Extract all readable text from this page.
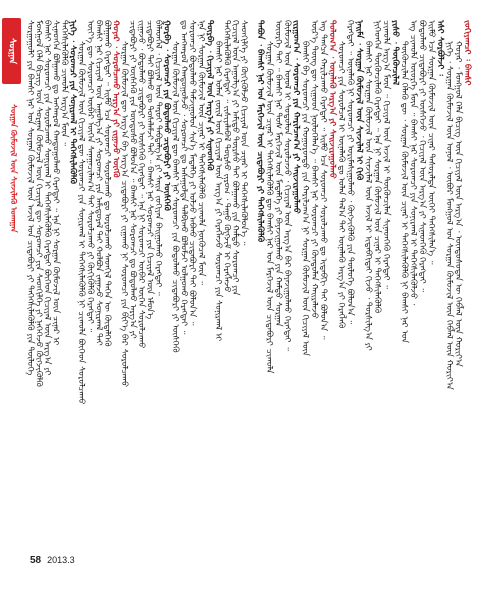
ᠰᠤᠷᠭᠠᠨ
ᠰᠤᠷᠭᠠᠨ ᠬᠦᠮᠦᠵᠢᠯ ᠦᠨ ᠰᠢᠨᠵᠢᠯᠡᠬᠦ ᠤᠬᠠᠭᠠᠨ ᠰᠤᠷᠭᠠᠭᠤᠯᠢ ᠶᠢᠨ ᠪᠠᠭᠰᠢ ᠨᠠᠷ ᠤᠨ ᠰᠤᠷᠭᠠᠨ ᠬᠦᠮᠦᠵᠢᠯ ᠦᠨ ᠠᠵᠢᠯ ᠤᠨ ᠴᠢᠳᠠᠪᠤᠷᠢ ᠶᠢ ᠳᠡᠭᠡᠭᠰᠢᠯᠡᠭᠦᠯᠬᠦ ᠶᠢᠨ ᠲᠥᠯᠦᠭᠡ
ᠮᠣᠩᠭᠣᠯ ᠬᠡᠯᠡ ᠪᠢᠴᠢᠭ ᠦᠨ ᠰᠤᠷᠭᠠᠨ ᠬᠦᠮᠦᠵᠢᠯ ᠦᠨ ᠬᠢᠴᠢᠶᠡᠯ ᠳᠦ ᠰᠤᠷᠤᠭᠴᠢ ᠶᠢᠨ ᠰᠡᠳᠬᠢᠯᠭᠡ ᠶᠢ ᠨᠡᠭᠡᠭᠡᠵᠦ ᠬᠥᠭᠵᠢᠭᠦᠯᠬᠦ
ᠪᠠᠭᠰᠢ ᠨᠠᠷ ᠰᠤᠷᠤᠭᠴᠢ ᠶᠢᠨ ᠰᠤᠷᠤᠯᠴᠠᠬᠤ ᠰᠣᠨᠢᠷᠬᠠᠯ ᠢ ᠳᠡᠭᠡᠭᠰᠢᠯᠡᠭᠦᠯᠬᠦ ᠬᠡᠷᠡᠭᠲᠡᠢ ᠪᠥᠭᠡᠳ ᠬᠢᠴᠢᠶᠡᠯ ᠦᠨ ᠠᠷᠭ᠎ᠠ ᠶᠢ
ᠰᠢᠨᠡᠳᠭᠡᠨ ᠪᠣᠯᠭᠠᠬᠤ ᠳᠤ ᠠᠨᠭᠬᠠᠷᠤᠯ ᠬᠠᠨᠳᠤᠭᠤᠯᠬᠤ ᠬᠡᠷᠡᠭᠲᠡᠢ ᠃ ᠡᠨᠡ ᠨᠢ ᠰᠤᠷᠭᠠᠨ ᠬᠦᠮᠦᠵᠢᠯ ᠦᠨ ᠴᠢᠨᠠᠷ ᠢ
ᠳᠡᠭᠡᠭᠰᠢᠯᠡᠭᠦᠯᠬᠦ ᠴᠢᠬᠤᠯᠠ ᠠᠷᠭ᠎ᠠ ᠮᠥᠨ ᠃
ᠨᠢᠭᠡ ᠂ ᠰᠤᠷᠤᠭᠴᠢ ᠶᠢᠨ ᠰᠣᠨᠢᠷᠬᠠᠯ ᠢ ᠳᠡᠭᠡᠭᠰᠢᠯᠡᠭᠦᠯᠬᠦ
ᠰᠤᠷᠭᠠᠨ ᠬᠦᠮᠦᠵᠢᠯ ᠦᠨ ᠬᠢᠴᠢᠶᠡᠯ ᠳᠦ ᠰᠤᠷᠤᠭᠴᠢ ᠶᠢᠨ ᠰᠣᠨᠢᠷᠬᠠᠯ ᠢ ᠳᠡᠭᠡᠭᠰᠢᠯᠡᠭᠦᠯᠬᠦ ᠨᠢ ᠴᠢᠬᠤᠯᠠ ᠪᠥᠭᠡᠳ ᠰᠤᠷᠤᠯᠴᠠᠬᠤ
ᠦᠶ᠎ᠡ ᠳᠦ ᠰᠤᠷᠤᠭᠴᠢ ᠥᠪᠡᠷ ᠦᠭᠡᠨ ᠰᠠᠨᠠᠭᠠᠴᠢᠯᠠᠭ᠎ᠠ ᠲᠠᠢ ᠰᠤᠷᠤᠯᠴᠠᠬᠤ ᠶᠢ ᠬᠥᠬᠢᠭᠦᠯᠬᠦ ᠬᠡᠷᠡᠭᠲᠡᠢ ᠃
ᠪᠠᠭᠰᠢ ᠨᠠᠷ ᠬᠢᠴᠢᠶᠡᠯ ᠦᠨ ᠠᠭᠤᠯᠭ᠎ᠠ ᠶᠢ ᠰᠤᠷᠤᠭᠴᠢ ᠶᠢᠨ ᠠᠮᠢᠳᠤᠷᠠᠯ ᠲᠠᠢ ᠬᠣᠯᠪᠣᠨ ᠵᠠᠭᠠᠵᠤ ᠰᠣᠨᠢᠷᠬᠠᠯ ᠲᠠᠢ
ᠪᠣᠯᠭᠠᠬᠤ ᠬᠡᠷᠡᠭᠲᠡᠢ ᠃ ᠡᠢᠮᠤ ᠡᠴᠡ ᠰᠤᠷᠤᠭᠴᠢ ᠰᠤᠷᠤᠯᠴᠠᠬᠤ ᠳᠤ ᠣᠷᠣᠯᠴᠠᠬᠤ ᠰᠡᠳᠬᠢᠯ ᠲᠡᠭᠡᠨ ᠦ ᠬᠥᠳᠡᠯᠭᠡᠬᠦ
ᠬᠣᠶᠠᠷ ᠂ ᠰᠤᠷᠤᠯᠴᠠᠬᠤ ᠠᠷᠭ᠎ᠠ ᠶᠢ ᠵᠢᠭᠠᠵᠤ ᠥᠭᠬᠦ
ᠰᠤᠷᠭᠠᠨ ᠬᠦᠮᠦᠵᠢᠯ ᠳᠦ ᠠᠷᠭ᠎ᠠ ᠪᠠ ᠠᠷᠭ᠎ᠠ ᠴᠢᠳᠠᠪᠤᠷᠢ ᠶᠢ ᠵᠢᠭᠠᠬᠤ ᠨᠢ ᠰᠤᠷᠤᠭᠴᠢ ᠶᠢᠨ ᠪᠢᠶ᠎ᠡ ᠪᠡᠷ ᠰᠤᠷᠤᠯᠴᠠᠬᠤ
ᠴᠢᠳᠠᠪᠤᠷᠢ ᠶᠢ ᠥᠰᠬᠡᠬᠦ ᠶᠢᠨ ᠦᠨᠳᠦᠰᠦ ᠪᠣᠯᠤᠨ᠎ᠠ ᠃ ᠪᠠᠭᠰᠢ ᠨᠠᠷ ᠰᠤᠷᠤᠭᠴᠢ ᠳᠤ ᠪᠣᠳᠤᠯᠬᠤ ᠠᠷᠭ᠎ᠠ ᠶᠢ
ᠵᠢᠭᠠᠵᠤ ᠂ ᠪᠣᠳᠤᠯᠬᠤ ᠴᠢᠳᠠᠪᠤᠷᠢ ᠶᠢ ᠥᠰᠬᠡᠬᠦ ᠬᠡᠷᠡᠭᠲᠡᠢ ᠃ ᠡᠨᠡ ᠨᠢ ᠰᠤᠷᠤᠭᠴᠢ ᠥᠪᠡᠷ ᠦᠭᠡᠨ ᠰᠤᠷᠤᠯᠴᠠᠬᠤ
ᠴᠢᠳᠠᠪᠤᠷᠢ ᠲᠠᠢ ᠪᠣᠯᠬᠤ ᠳᠤ ᠲᠤᠰᠠᠯᠠᠮᠵᠢ ᠲᠠᠢ ᠃ ᠪᠠᠭᠰᠢ ᠨᠠᠷ ᠰᠤᠷᠤᠭᠴᠢ ᠶᠢᠨ ᠬᠢᠴᠢᠶᠡᠯ ᠦᠨ ᠡᠮᠦᠨ᠎ᠡ
ᠪᠡᠯᠡᠳᠬᠡᠯ ᠂ ᠬᠢᠴᠢᠶᠡᠯ ᠦᠨ ᠳᠠᠷᠤᠢ ᠳᠠᠪᠲᠠᠯᠭ᠎ᠠ ᠶᠢ ᠰᠠᠢᠨ ᠵᠣᠬᠢᠶᠠᠨ ᠪᠠᠢᠭᠤᠯᠬᠤ ᠬᠡᠷᠡᠭᠲᠡᠢ ᠃
ᠭᠤᠷᠪᠠ ᠂ ᠰᠤᠷᠤᠭᠴᠢ ᠶᠢᠨ ᠪᠣᠳᠤᠯᠬᠤ ᠴᠢᠳᠠᠪᠤᠷᠢ ᠶᠢ ᠥᠰᠬᠡᠬᠦ
ᠰᠤᠷᠭᠠᠨ ᠬᠦᠮᠦᠵᠢᠯ ᠦᠨ ᠬᠢᠴᠢᠶᠡᠯ ᠳᠦ ᠪᠠᠭᠰᠢ ᠨᠠᠷ ᠰᠤᠷᠤᠭᠴᠢ ᠶᠢᠨ ᠪᠣᠳᠤᠯᠬᠤ ᠴᠢᠳᠠᠪᠤᠷᠢ ᠶᠢ ᠥᠰᠬᠡᠬᠦ
ᠳᠤ ᠠᠨᠭᠬᠠᠷᠤᠯ ᠬᠠᠨᠳᠤᠭᠤᠯᠵᠤ ᠂ ᠰᠤᠷᠤᠭᠴᠢ ᠳᠤ ᠠᠰᠠᠭᠤᠯᠲᠠ ᠲᠠᠯᠪᠢᠬᠤ ᠪᠣᠯᠣᠮᠵᠢ ᠣᠯᠭᠣᠬᠤ ᠬᠡᠷᠡᠭᠲᠡᠢ ᠃
ᠰᠤᠷᠤᠭᠴᠢ ᠪᠣᠳᠤᠯᠬᠤ ᠳᠠᠮᠵᠢᠭᠤᠯᠤᠨ ᠰᠢᠨ᠎ᠡ ᠮᠡᠳᠡᠯᠭᠡ ᠶᠢ ᠣᠯᠵᠤ ᠠᠪᠬᠤ ᠴᠢᠳᠠᠪᠤᠷᠢ ᠲᠠᠢ ᠪᠣᠯᠤᠨ᠎ᠠ ᠃
ᠡᠨᠡ ᠨᠢ ᠰᠤᠷᠭᠠᠨ ᠬᠦᠮᠦᠵᠢᠯ ᠦᠨ ᠴᠢᠨᠠᠷ ᠢ ᠳᠡᠭᠡᠭᠰᠢᠯᠡᠭᠦᠯᠬᠦ ᠴᠢᠬᠤᠯᠠ ᠨᠥᠬᠦᠴᠡᠯ ᠮᠥᠨ ᠃
ᠳᠥᠷᠪᠡ ᠂ ᠬᠢᠴᠢᠶᠡᠯ ᠦᠨ ᠠᠷᠭ᠎ᠠ ᠶᠢ ᠰᠢᠨᠡᠳᠭᠡᠬᠦ
ᠪᠠᠭᠰᠢ ᠨᠠᠷ ᠣᠯᠠᠨ ᠵᠦᠢᠯ ᠦᠨ ᠬᠢᠴᠢᠶᠡᠯ ᠦᠨ ᠠᠷᠭ᠎ᠠ ᠶᠢ ᠬᠡᠷᠡᠭᠯᠡᠵᠦ ᠰᠤᠷᠤᠭᠴᠢ ᠶᠢᠨ ᠰᠣᠨᠢᠷᠬᠠᠯ ᠢ
ᠳᠡᠭᠡᠭᠰᠢᠯᠡᠭᠦᠯᠬᠦ ᠬᠡᠷᠡᠭᠲᠡᠢ ᠃ ᠵᠢᠱᠢᠶᠡᠯᠡᠪᠡᠯ ᠳᠦᠷᠰᠦ ᠵᠢᠷᠤᠭ ᠂ ᠳᠠᠭᠤ ᠬᠥᠭᠵᠢᠮ ᠢ ᠬᠡᠷᠡᠭᠯᠡᠵᠦ
ᠬᠢᠴᠢᠶᠡᠯ ᠦᠨ ᠠᠭᠤᠯᠭ᠎ᠠ ᠶᠢ ᠠᠮᠢᠳᠤ ᠳᠦᠷᠰᠦ ᠲᠠᠢ ᠪᠣᠯᠭᠠᠬᠤ ᠶᠢᠨ ᠬᠠᠮᠲᠤ ᠰᠤᠷᠤᠭᠴᠢ ᠶᠢᠨ
ᠰᠡᠳᠬᠢᠯᠭᠡ ᠶᠢ ᠬᠥᠬᠢᠭᠦᠯᠵᠦ ᠬᠢᠴᠢᠶᠡᠯ ᠦᠨ ᠴᠢᠨᠠᠷ ᠢ ᠳᠡᠭᠡᠭᠰᠢᠯᠡᠭᠦᠯᠦᠨ᠎ᠡ ᠃ ᠳᠠᠪᠤᠨ ᠂ ᠪᠠᠭᠰᠢ ᠨᠠᠷ ᠤᠨ ᠮᠡᠷᠭᠡᠵᠢᠯ ᠦᠨ ᠴᠢᠳᠠᠪᠤᠷᠢ ᠶᠢ ᠳᠡᠭᠡᠭᠰᠢᠯᠡᠭᠦᠯᠬᠦ ᠰᠤᠷᠭᠠᠨ ᠬᠦᠮᠦᠵᠢᠯ ᠦᠨ ᠴᠢᠨᠠᠷ ᠢ ᠳᠡᠭᠡᠭᠰᠢᠯᠡᠭᠦᠯᠬᠦ ᠳᠦ ᠪᠠᠭᠰᠢ ᠨᠠᠷ ᠤᠨ ᠮᠡᠷᠭᠡᠵᠢᠯ ᠦᠨ ᠴᠢᠳᠠᠪᠤᠷᠢ ᠴᠢᠬᠤᠯᠠ ᠦᠦᠷᠭᠡ ᠲᠡᠢ ᠃ ᠪᠠᠭᠰᠢ ᠨᠠᠷ ᠲᠤᠰ ᠮᠡᠷᠭᠡᠵᠢᠯ ᠦᠨ ᠮᠡᠳᠡᠯᠭᠡ ᠶᠢ ᠪᠠᠶᠠᠵᠢᠭᠤᠯᠬᠤ ᠶᠢᠨ ᠬᠠᠮᠲᠤ ᠰᠤᠷᠭᠠᠨ ᠬᠦᠮᠦᠵᠢᠯ ᠦᠨ ᠣᠨᠣᠯ ᠢ ᠰᠤᠳᠤᠯᠤᠨ ᠰᠤᠷᠤᠯᠴᠠᠵᠤ ᠂ ᠬᠢᠴᠢᠶᠡᠯ ᠦᠨ ᠠᠷᠭ᠎ᠠ ᠪᠠᠷ ᠪᠠᠶᠠᠵᠢᠭᠤᠯᠬᠤ ᠬᠡᠷᠡᠭᠲᠡᠢ ᠃ ᠵᠢᠷᠭᠤᠭ᠎ᠠ ᠂ ᠰᠤᠷᠤᠭᠴᠢ ᠶᠢᠨ ᠬᠠᠷᠢᠯᠴᠠᠭ᠎ᠠ ᠶᠢ ᠰᠠᠢᠵᠢᠷᠠᠭᠤᠯᠬᠤ ᠪᠠᠭᠰᠢ ᠪᠠ ᠰᠤᠷᠤᠭᠴᠢ ᠶᠢᠨ ᠬᠣᠭᠣᠷᠣᠨᠳᠤ ᠶᠢᠨ ᠬᠠᠷᠢᠯᠴᠠᠭ᠎ᠠ ᠨᠢ ᠰᠤᠷᠭᠠᠨ ᠬᠦᠮᠦᠵᠢᠯ ᠦᠨ ᠬᠢᠴᠢᠶᠡᠯ ᠦᠨ ᠦᠷ᠎ᠡ ᠳᠦᠩ ᠳᠦ ᠰᠢᠭᠤᠳ ᠨᠥᠯᠦᠭᠡᠯᠡᠨ᠎ᠡ ᠃ ᠪᠠᠭᠰᠢ ᠨᠠᠷ ᠰᠤᠷᠤᠭᠴᠢ ᠶᠢ ᠬᠦᠨᠳᠦᠯᠡᠨ ᠬᠠᠢᠷᠠᠯᠠᠵᠤ ᠡᠩ ᠲᠡᠩᠴᠡ ᠬᠠᠷᠢᠯᠴᠠᠬᠤ ᠬᠡᠷᠡᠭᠲᠡᠢ ᠃ ᠡᠢᠮᠤ ᠡᠴᠡ ᠰᠤᠷᠤᠭᠴᠢ ᠰᠤᠷᠤᠯᠴᠠᠬᠤ ᠳᠤ ᠢᠳᠡᠪᠬᠢ ᠲᠠᠢ ᠪᠣᠯᠤᠨ᠎ᠠ ᠃ ᠳᠣᠯᠣᠭ᠎ᠠ ᠂ ᠦᠨᠡᠯᠡᠬᠦ ᠠᠷᠭ᠎ᠠ ᠶᠢ ᠰᠠᠢᠵᠢᠷᠠᠭᠤᠯᠬᠤ ᠰᠤᠷᠤᠭᠴᠢ ᠶᠢᠨ ᠰᠤᠷᠤᠯᠴᠠᠯ ᠢ ᠦᠨᠡᠯᠡᠬᠦ ᠳᠤ ᠣᠯᠠᠨ ᠲᠠᠯ᠎ᠠ ᠲᠠᠢ ᠦᠨᠡᠯᠡᠬᠦ ᠠᠷᠭ᠎ᠠ ᠶᠢ ᠬᠡᠷᠡᠭᠯᠡᠬᠦ ᠬᠡᠷᠡᠭᠲᠡᠢ ᠃ ᠦᠨᠡᠯᠡᠬᠦ ᠨᠢ ᠰᠤᠷᠤᠭᠴᠢ ᠶᠢ ᠤᠷᠢᠮᠠᠰᠢᠭᠤᠯᠬᠤ ᠂ ᠬᠥᠭᠵᠢᠭᠦᠯᠬᠦ ᠶᠢᠨ ᠲᠥᠯᠦᠭᠡ ᠪᠣᠯᠤᠨ᠎ᠠ ᠃ ᠨᠠᠢᠮᠠ ᠂ ᠰᠤᠷᠭᠠᠨ ᠬᠦᠮᠦᠵᠢᠯ ᠦᠨ ᠰᠢᠨᠵᠢᠯᠡᠯ ᠢ ᠬᠢᠬᠦ ᠪᠠᠭᠰᠢ ᠨᠠᠷ ᠰᠤᠷᠭᠠᠨ ᠬᠦᠮᠦᠵᠢᠯ ᠦᠨ ᠰᠢᠨᠵᠢᠯᠡᠯ ᠦᠨ ᠠᠵᠢᠯ ᠢ ᠢᠳᠡᠪᠬᠢᠲᠡᠢ ᠬᠢᠵᠦ ᠂ ᠲᠤᠷᠰᠢᠯᠭ᠎ᠠ ᠶᠢ ᠨᠢᠭᠡᠳᠭᠡᠨ ᠳᠦᠭᠦᠨᠴᠢᠯᠡᠬᠦ ᠬᠡᠷᠡᠭᠲᠡᠢ ᠃ ᠡᠨᠡ ᠨᠢ ᠰᠤᠷᠭᠠᠨ ᠬᠦᠮᠦᠵᠢᠯ ᠦᠨ ᠴᠢᠨᠠᠷ ᠢ ᠳᠡᠭᠡᠭᠰᠢᠯᠡᠭᠦᠯᠬᠦ ᠴᠢᠬᠤᠯᠠ ᠠᠷᠭ᠎ᠠ ᠮᠥᠨ ᠃ ᠬᠢᠴᠢᠶᠡᠯ ᠦᠨ ᠠᠵᠢᠯ ᠢ ᠳᠦᠭᠦᠨᠴᠢᠯᠡᠨ ᠰᠢᠨᠡᠳᠭᠡᠬᠦ ᠬᠡᠷᠡᠭᠲᠡᠢ ᠃ ᠶᠢᠰᠦ ᠂ ᠳᠦᠭᠦᠨᠴᠢᠯᠡᠯ ᠳᠦᠭᠦᠨᠴᠢᠯᠡᠨ ᠬᠡᠯᠡᠬᠦ ᠳᠦ ᠂ ᠰᠤᠷᠭᠠᠨ ᠬᠦᠮᠦᠵᠢᠯ ᠦᠨ ᠴᠢᠨᠠᠷ ᠢ ᠳᠡᠭᠡᠭᠰᠢᠯᠡᠭᠦᠯᠬᠦ ᠨᠢ ᠪᠠᠭᠰᠢ ᠨᠠᠷ ᠤᠨ ᠡᠩ ᠴᠢᠬᠤᠯᠠ ᠦᠦᠷᠭᠡ ᠮᠥᠨ ᠃ ᠪᠠᠭᠰᠢ ᠨᠠᠷ ᠰᠤᠷᠤᠭᠴᠢ ᠶᠢᠨ ᠰᠣᠨᠢᠷᠬᠠᠯ ᠢ ᠳᠡᠭᠡᠭᠰᠢᠯᠡᠭᠦᠯᠵᠦ ᠂ ᠪᠣᠳᠤᠯᠬᠤ ᠴᠢᠳᠠᠪᠤᠷᠢ ᠶᠢ ᠥᠰᠬᠡᠵᠦ ᠂ ᠬᠢᠴᠢᠶᠡᠯ ᠦᠨ ᠠᠷᠭ᠎ᠠ ᠶᠢ ᠰᠢᠨᠡᠳᠭᠡᠬᠦ ᠬᠡᠷᠡᠭᠲᠡᠢ ᠃ ᠡᠢᠮᠤ ᠡᠴᠡ ᠰᠤᠷᠭᠠᠨ ᠬᠦᠮᠦᠵᠢᠯ ᠦᠨ ᠴᠢᠨᠠᠷ ᠲᠠᠰᠤᠷᠠᠯᠲᠠ ᠦᠭᠡᠢ ᠳᠡᠭᠡᠭᠰᠢᠯᠡᠨ᠎ᠡ ᠃ ᠡᠰᠢ ᠰᠤᠷᠪᠤᠯᠵᠢ ᠄ ᠨᠢᠭᠡ ᠂ ᠰᠤᠷᠭᠠᠨ ᠬᠦᠮᠦᠵᠢᠯ ᠦᠨ ᠣᠨᠣᠯ ᠂ ᠥᠪᠦᠷ ᠮᠣᠩᠭᠣᠯ ᠤᠨ ᠰᠤᠷᠭᠠᠨ ᠬᠦᠮᠦᠵᠢᠯ ᠦᠨ ᠬᠡᠪᠯᠡᠯ ᠦᠨ ᠬᠣᠷᠢᠶ᠎ᠠ ᠬᠣᠶᠠᠷ ᠂ ᠮᠣᠩᠭᠣᠯ ᠬᠡᠯᠡ ᠪᠢᠴᠢᠭ ᠦᠨ ᠬᠢᠴᠢᠶᠡᠯ ᠦᠨ ᠠᠷᠭ᠎ᠠ ᠂ ᠦᠨᠳᠦᠰᠦᠲᠡᠨ ᠦ ᠬᠡᠪᠯᠡᠯ ᠦᠨ ᠬᠣᠷᠢᠶ᠎ᠠ ᠵᠣᠬᠢᠶᠠᠭᠴᠢ ᠄ ᠪᠠᠭᠰᠢ
58 2013.3
